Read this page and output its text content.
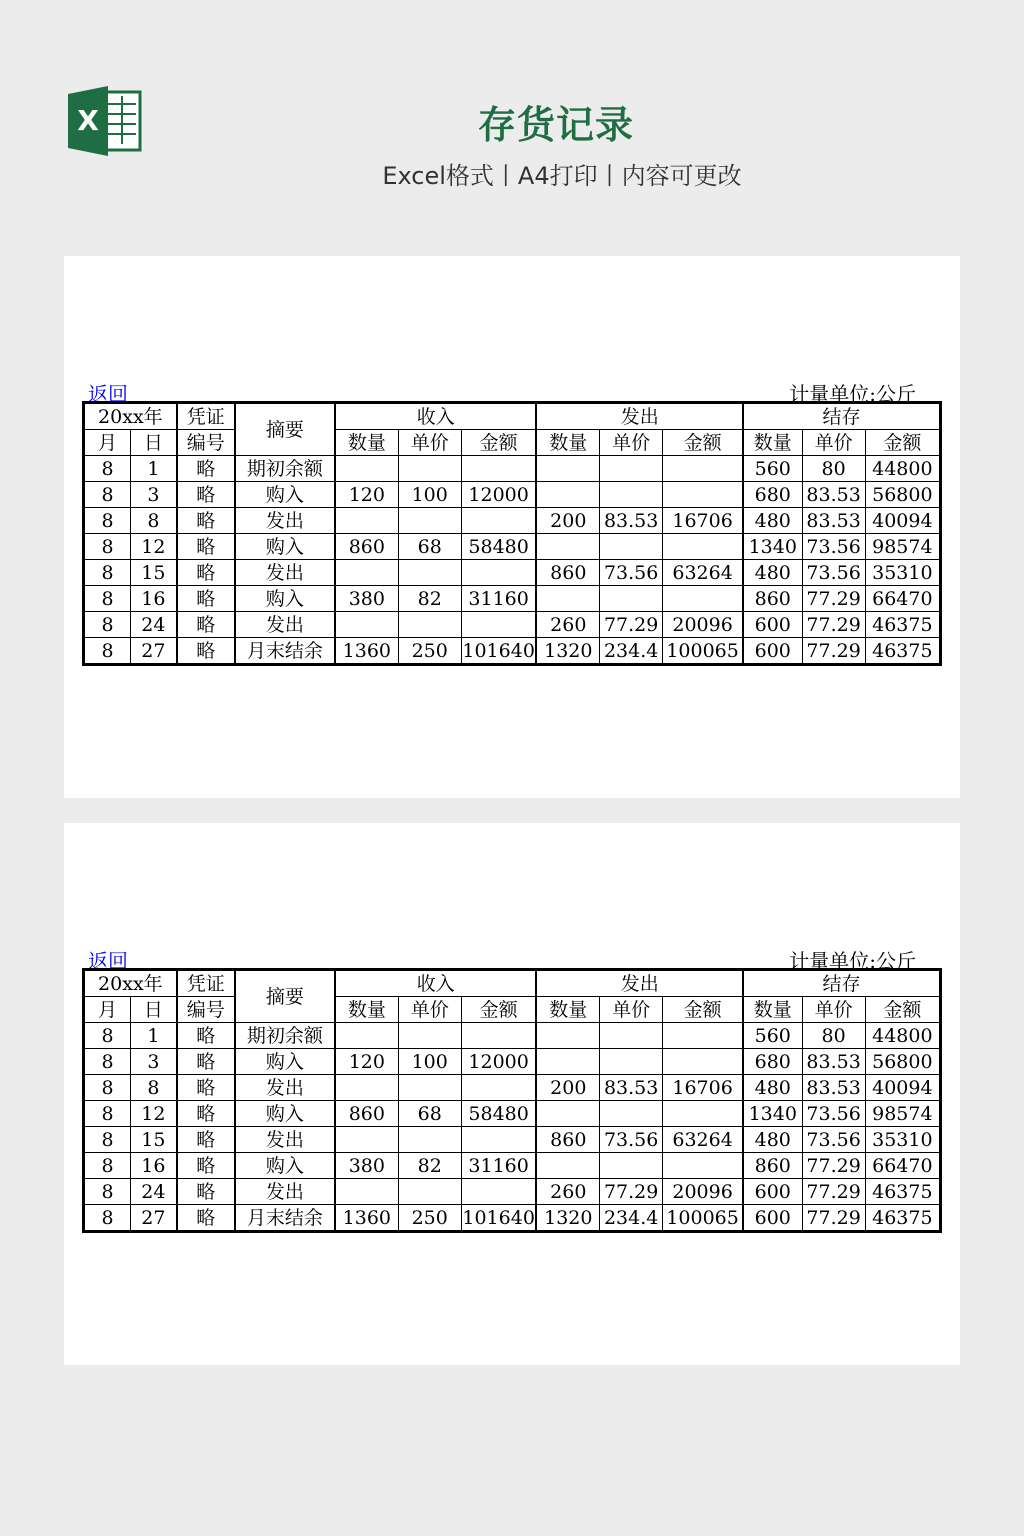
X	存货记录
Excel格式丨A4打印丨内容可更改
返回	计量单位:公斤
20xx年		凭证	摘要	收入			发出			结存		
月	日	编号		数量	单价	金额	数量	单价	金额	数量	单价	金额
8	1	略	期初余额							560	80	44800
8	3	略	购入	120	100	12000				680	83.53	56800
8	8	略	发出				200	83.53	16706	480	83.53	40094
8	12	略	购入	860	68	58480				1340	73.56	98574
8	15	略	发出				860	73.56	63264	480	73.56	35310
8	16	略	购入	380	82	31160				860	77.29	66470
8	24	略	发出				260	77.29	20096	600	77.29	46375
8	27	略	月末结余	1360	250	101640	1320	234.4	100065	600	77.29	46375
返回	计量单位:公斤
20xx年		凭证	摘要	收入			发出			结存		
月	日	编号		数量	单价	金额	数量	单价	金额	数量	单价	金额
8	1	略	期初余额							560	80	44800
8	3	略	购入	120	100	12000				680	83.53	56800
8	8	略	发出				200	83.53	16706	480	83.53	40094
8	12	略	购入	860	68	58480				1340	73.56	98574
8	15	略	发出				860	73.56	63264	480	73.56	35310
8	16	略	购入	380	82	31160				860	77.29	66470
8	24	略	发出				260	77.29	20096	600	77.29	46375
8	27	略	月末结余	1360	250	101640	1320	234.4	100065	600	77.29	46375
